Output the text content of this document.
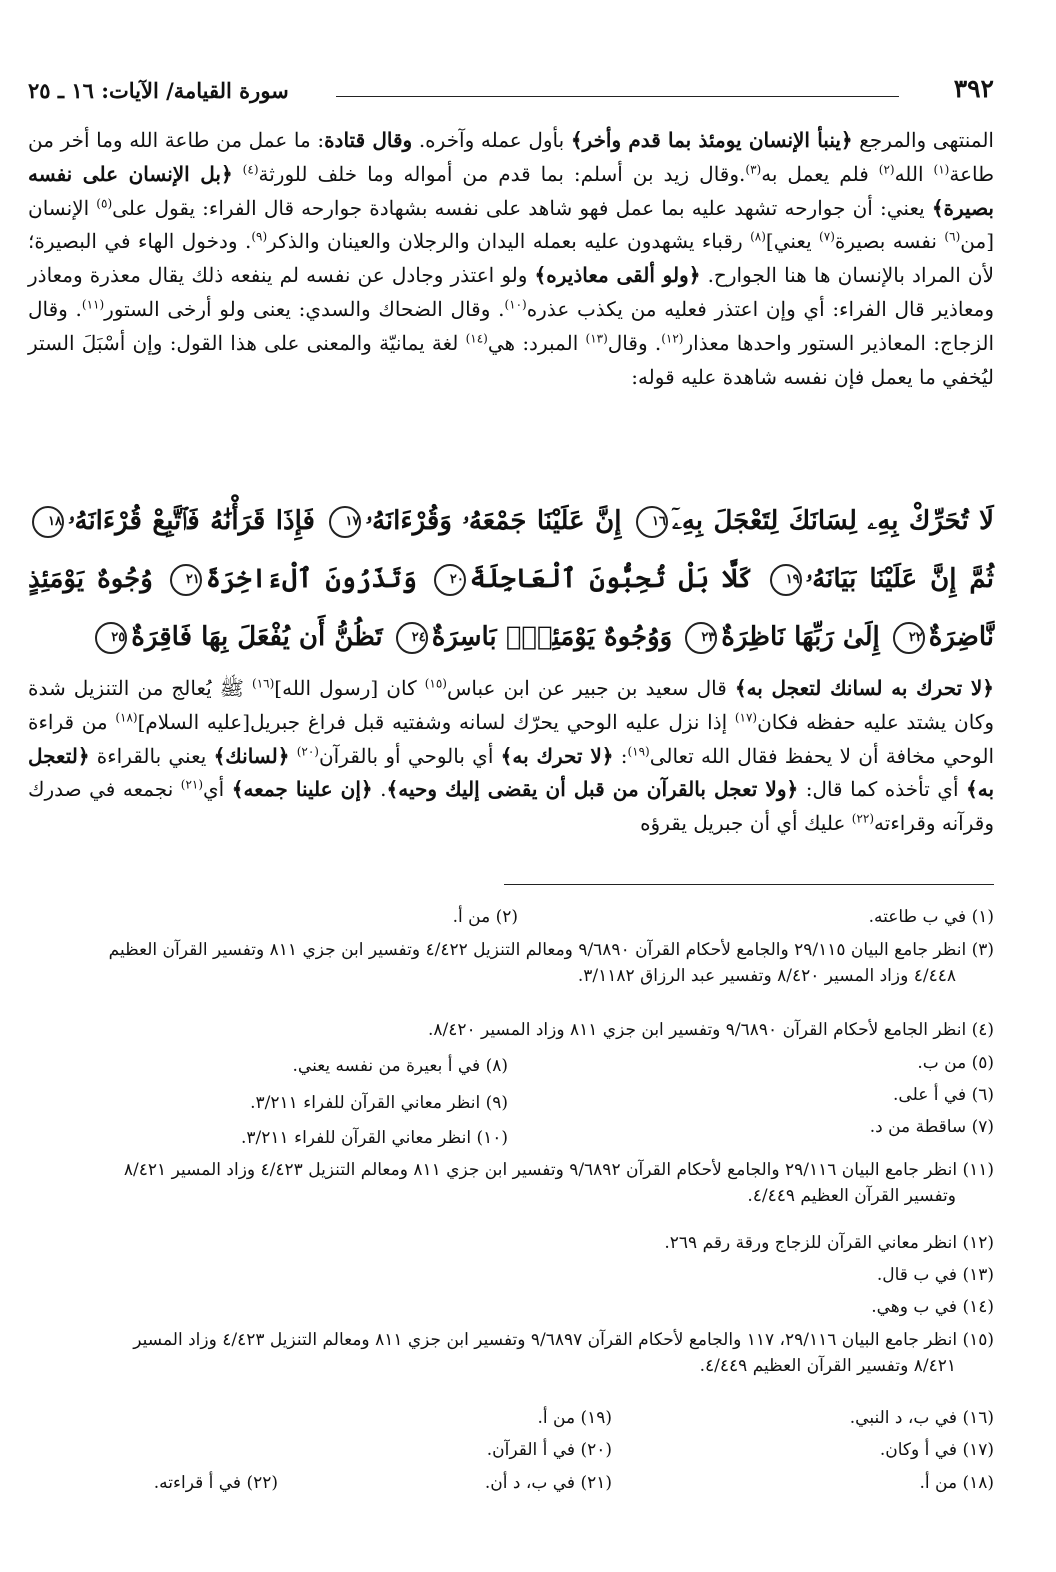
٣٩٢
سورة القيامة/ الآيات: ١٦ ـ ٢٥
المنتهى والمرجع ﴿ينبأ الإنسان يومئذ بما قدم وأخر﴾ بأول عمله وآخره. وقال قتادة: ما عمل من طاعة الله وما أخر من طاعة$^{(١)}$ الله$^{(٢)}$ فلم يعمل به$^{(٣)}$.وقال زيد بن أسلم: بما قدم من أمواله وما خلف للورثة$^{(٤)}$ ﴿بل الإنسان على نفسه بصيرة﴾ يعني: أن جوارحه تشهد عليه بما عمل فهو شاهد على نفسه بشهادة جوارحه قال الفراء: يقول على$^{(٥)}$ الإنسان [من$^{(٦)}$ نفسه بصيرة$^{(٧)}$ يعني]$^{(٨)}$ رقباء يشهدون عليه بعمله اليدان والرجلان والعينان والذكر$^{(٩)}$. ودخول الهاء في البصيرة؛ لأن المراد بالإنسان ها هنا الجوارح. ﴿ولو ألقى معاذيره﴾ ولو اعتذر وجادل عن نفسه لم ينفعه ذلك يقال معذرة ومعاذر ومعاذير قال الفراء: أي وإن اعتذر فعليه من يكذب عذره$^{(١٠)}$. وقال الضحاك والسدي: يعنى ولو أرخى الستور$^{(١١)}$. وقال الزجاج: المعاذير الستور واحدها معذار$^{(١٢)}$. وقال$^{(١٣)}$ المبرد: هي$^{(١٤)}$ لغة يمانيّة والمعنى على هذا القول: وإن أسْبَلَ الستر ليُخفي ما يعمل فإن نفسه شاهدة عليه قوله:
لَا تُحَرِّكْ بِهِۦ لِسَانَكَ لِتَعْجَلَ بِهِۦٓ١٦ إِنَّ عَلَيْنَا جَمْعَهُۥ وَقُرْءَانَهُۥ١٧ فَإِذَا قَرَأْنَٰهُ فَٱتَّبِعْ قُرْءَانَهُۥ١٨ ثُمَّ إِنَّ عَلَيْنَا بَيَانَهُۥ١٩ كَلَّا بَلْ تُحِبُّونَ ٱلْعَاجِلَةَ٢٠ وَتَذَرُونَ ٱلْءَاخِرَةَ٢١ وُجُوهٌ يَوْمَئِذٍ نَّاضِرَةٌ٢٢ إِلَىٰ رَبِّهَا نَاظِرَةٌ٢٣ وَوُجُوهٌ يَوْمَئِذٍۭ بَاسِرَةٌ٢٤ تَظُنُّ أَن يُفْعَلَ بِهَا فَاقِرَةٌ٢٥
﴿لا تحرك به لسانك لتعجل به﴾ قال سعيد بن جبير عن ابن عباس$^{(١٥)}$ كان [رسول الله]$^{(١٦)}$ ﷺ يُعالج من التنزيل شدة وكان يشتد عليه حفظه فكان$^{(١٧)}$ إذا نزل عليه الوحي يحرّك لسانه وشفتيه قبل فراغ جبريل[عليه السلام]$^{(١٨)}$ من قراءة الوحي مخافة أن لا يحفظ فقال الله تعالى$^{(١٩)}$: ﴿لا تحرك به﴾ أي بالوحي أو بالقرآن$^{(٢٠)}$ ﴿لسانك﴾ يعني بالقراءة ﴿لتعجل به﴾ أي تأخذه كما قال: ﴿ولا تعجل بالقرآن من قبل أن يقضى إليك وحيه﴾. ﴿إن علينا جمعه﴾ أي$^{(٢١)}$ نجمعه في صدرك وقرآنه وقراءته$^{(٢٢)}$ عليك أي أن جبريل يقرؤه
(١) في ب طاعته.
(٢) من أ.
(٣) انظر جامع البيان ٢٩/١١٥ والجامع لأحكام القرآن ٩/٦٨٩٠ ومعالم التنزيل ٤/٤٢٢ وتفسير ابن جزي ٨١١ وتفسير القرآن العظيم
٤/٤٤٨ وزاد المسير ٨/٤٢٠ وتفسير عبد الرزاق ٣/١١٨٢.
(٤) انظر الجامع لأحكام القرآن ٩/٦٨٩٠ وتفسير ابن جزي ٨١١ وزاد المسير ٨/٤٢٠.
(٥) من ب.
(٨) في أ بعيرة من نفسه يعني.
(٦) في أ على.
(٩) انظر معاني القرآن للفراء ٣/٢١١.
(٧) ساقطة من د.
(١٠) انظر معاني القرآن للفراء ٣/٢١١.
(١١) انظر جامع البيان ٢٩/١١٦ والجامع لأحكام القرآن ٩/٦٨٩٢ وتفسير ابن جزي ٨١١ ومعالم التنزيل ٤/٤٢٣ وزاد المسير ٨/٤٢١
وتفسير القرآن العظيم ٤/٤٤٩.
(١٢) انظر معاني القرآن للزجاج ورقة رقم ٢٦٩.
(١٣) في ب قال.
(١٤) في ب وهي.
(١٥) انظر جامع البيان ٢٩/١١٦، ١١٧ والجامع لأحكام القرآن ٩/٦٨٩٧ وتفسير ابن جزي ٨١١ ومعالم التنزيل ٤/٤٢٣ وزاد المسير
٨/٤٢١ وتفسير القرآن العظيم ٤/٤٤٩.
(١٦) في ب، د النبي.
(١٩) من أ.
(١٧) في أ وكان.
(٢٠) في أ القرآن.
(١٨) من أ.
(٢١) في ب، د أن.
(٢٢) في أ قراءته.
